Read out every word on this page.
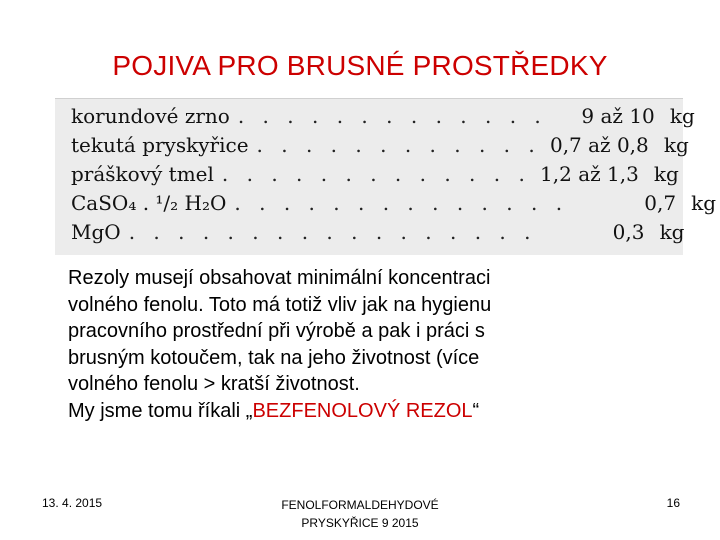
POJIVA PRO BRUSNÉ PROSTŘEDKY
korundové zrno . . . . . . . . . . . . .	9 až 10 kg
tekutá pryskyřice . . . . . . . . . . . . 0,7 až 0,8 kg
práškový tmel . . . . . . . . . . . . . 1,2 až 1,3 kg
CaSO₄ . ¹/₂ H₂O . . . . . . . . . . . . . .	0,7 kg
MgO . . . . . . . . . . . . . . . . .	0,3 kg
Rezoly musejí obsahovat minimální koncentraci
volného fenolu. Toto má totiž vliv jak na hygienu
pracovního prostřední při výrobě a pak i práci s
brusným kotoučem, tak na jeho životnost (více
volného fenolu > kratší životnost.
My jsme tomu říkali „BEZFENOLOVÝ REZOL“
13. 4. 2015	FENOLFORMALDEHYDOVÉ
PRYSKYŘICE 9 2015
16
